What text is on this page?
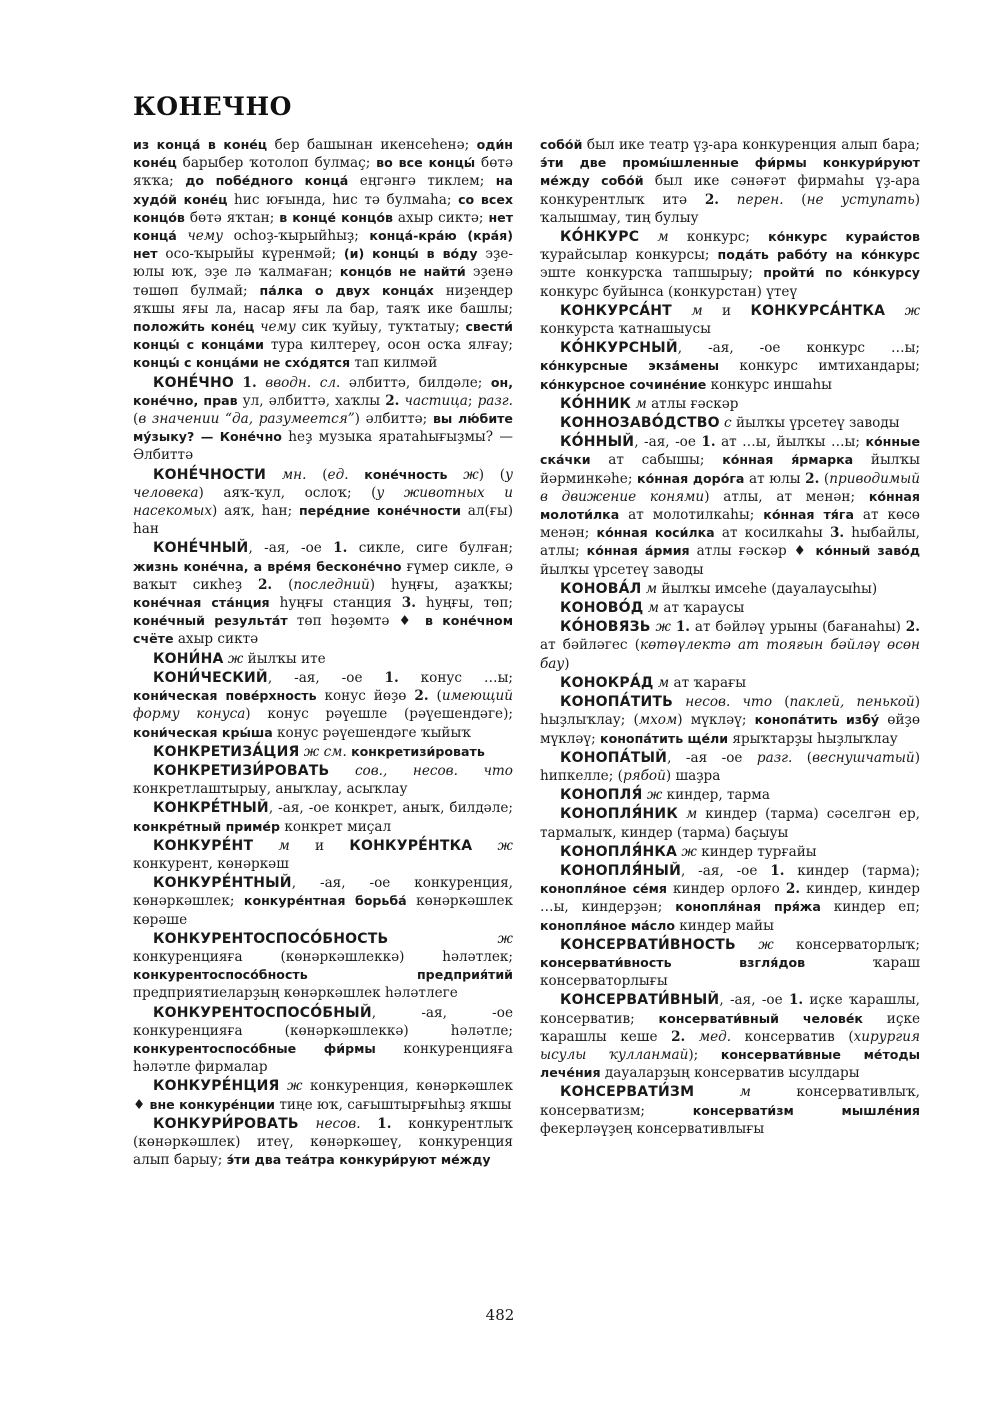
КОНЕЧНО

из конца́ в коне́ц бер башынан икенсеһенә; оди́н коне́ц барыбер ҡотолоп булмаҫ; во все концы́ бөтә яҡҡа; до побе́дного конца́ еңгәнгә тиклем; на худо́й коне́ц һис юғында, һис тә булмаһа; со всех концо́в бөтә яҡтан; в конце́ концо́в ахыр сиктә; нет конца́ чему осһоҙ-ҡырыйһыҙ; конца́-кра́ю (кра́я) нет осо-ҡырыйы күренмәй; (и) концы́ в во́ду эҙе-юлы юҡ, эҙе лә ҡалмаған; концо́в не найти́ эҙенә төшөп булмай; па́лка о двух конца́х ниҙеңдер яҡшы яғы ла, насар яғы ла бар, таяҡ ике башлы; положи́ть коне́ц чему сик ҡуйыу, туҡтатыу; свести́ концы́ с конца́ми тура килтереү, осон осҡа ялғау; концы́ с конца́ми не схо́дятся тап килмәй

КОНЕ́ЧНО 1. вводн. сл. әлбиттә, билдәле; он, коне́чно, прав ул, әлбиттә, хаҡлы 2. частица; разг. (в значении “да, разумеется”) әлбиттә; вы лю́бите му́зыку? — Коне́чно һеҙ музыка яратаһығыҙмы? — Әлбиттә

КОНЕ́ЧНОСТИ мн. (ед. коне́чность ж) (у человека) аяҡ-ҡул, ослоҡ; (у животных и насекомых) аяҡ, һан; пере́дние коне́чности ал(ғы) һан

КОНЕ́ЧНЫЙ, -ая, -ое 1. сикле, сиге булған; жизнь коне́чна, а вре́мя бесконе́чно ғүмер сикле, ә ваҡыт сикһеҙ 2. (последний) һуңғы, аҙаҡҡы; коне́чная ста́нция һуңғы станция 3. һуңғы, төп; коне́чный результа́т төп һөҙөмтә ♦ в коне́чном счёте ахыр сиктә

КОНИ́НА ж йылҡы ите

КОНИ́ЧЕСКИЙ, -ая, -ое 1. конус …ы; кони́ческая пове́рхность конус йөҙө 2. (имеющий форму конуса) конус рәүешле (рәүешендәге); кони́ческая кры́ша конус рәүешендәге ҡыйыҡ

КОНКРЕТИЗА́ЦИЯ ж см. конкретизи́ровать

КОНКРЕТИЗИ́РОВАТЬ сов., несов. что конкретлаштырыу, аныҡлау, асыҡлау

КОНКРЕ́ТНЫЙ, -ая, -ое конкрет, аныҡ, билдәле; конкре́тный приме́р конкрет миҫал

КОНКУРЕ́НТ м и КОНКУРЕ́НТКА ж конкурент, көнәркәш

КОНКУРЕ́НТНЫЙ, -ая, -ое конкуренция, көнәркәшлек; конкуре́нтная борьба́ көнәркәшлек көрәше

КОНКУРЕНТОСПОСО́БНОСТЬ	ж конкуренцияға (көнәркәшлеккә) һәләтлек; конкурентоспосо́бность предприя́тий предприятиеларҙың көнәркәшлек һәләтлеге

КОНКУРЕНТОСПОСО́БНЫЙ, -ая, -ое конкуренцияға (көнәркәшлеккә) һәләтле; конкурентоспосо́бные фи́рмы конкуренцияға һәләтле фирмалар

КОНКУРЕ́НЦИЯ ж конкуренция, көнәркәшлек ♦ вне конкуре́нции тиңе юҡ, сағыштырғыһыҙ яҡшы

КОНКУРИ́РОВАТЬ несов. 1. конкурентлыҡ (көнәркәшлек) итеү, көнәркәшеү, конкуренция алып барыу; э́ти два теа́тра конкури́руют ме́жду

собо́й был ике театр үҙ-ара конкуренция алып бара; э́ти две промы́шленные фи́рмы конкури́руют ме́жду собо́й был ике сәнәғәт фирмаһы үҙ-ара конкурентлыҡ итә 2. перен. (не уступать) ҡалышмау, тиң булыу

КО́НКУРС м конкурс; ко́нкурс кураи́стов ҡурайсылар конкурсы; пода́ть рабо́ту на ко́нкурс эште конкурсҡа тапшырыу; пройти́ по ко́нкурсу конкурс буйынса (конкурстан) үтеү

КОНКУРСА́НТ м и КОНКУРСА́НТКА ж конкурста ҡатнашыусы

КО́НКУРСНЫЙ, -ая, -ое конкурс …ы; ко́нкурсные экза́мены конкурс имтихандары; ко́нкурсное сочине́ние конкурс иншаһы

КО́ННИК м атлы ғәскәр

КОННОЗАВО́ДСТВО с йылҡы үрсетеү заводы

КО́ННЫЙ, -ая, -ое 1. ат …ы, йылҡы …ы; ко́нные ска́чки ат сабышы; ко́нная я́рмарка йылҡы йәрминкәһе; ко́нная доро́га ат юлы 2. (приводимый в движение конями) атлы, ат менән; ко́нная молоти́лка ат молотилкаһы; ко́нная тя́га ат көсө менән; ко́нная коси́лка ат косилкаһы 3. һыбайлы, атлы; ко́нная а́рмия атлы ғәскәр ♦ ко́нный заво́д йылҡы үрсетеү заводы

КОНОВА́Л м йылҡы имсеһе (дауалаусыһы)

КОНОВО́Д м ат ҡараусы

КО́НОВЯЗЬ ж 1. ат бәйләү урыны (бағанаһы) 2. ат бәйләгес (көтөүлектә ат тояғын бәйләү өсөн бау)

КОНОКРА́Д м ат ҡарағы

КОНОПА́ТИТЬ несов. что (паклей, пенькой) һыҙлыҡлау; (мхом) мүкләү; конопа́тить избу́ өйҙө мүкләү; конопа́тить ще́ли ярыҡтарҙы һыҙлыҡлау

КОНОПА́ТЫЙ, -ая -ое разг. (веснушчатый) һипкелле; (рябой) шаҙра

КОНОПЛЯ́ ж киндер, тарма

КОНОПЛЯ́НИК м киндер (тарма) сәселгән ер, тармалыҡ, киндер (тарма) баҫыуы

КОНОПЛЯ́НКА ж киндер турғайы

КОНОПЛЯ́НЫЙ, -ая, -ое 1. киндер (тарма); конопля́ное се́мя киндер орлоғо 2. киндер, киндер …ы, киндерҙән; конопля́ная пря́жа киндер еп; конопля́ное ма́сло киндер майы

КОНСЕРВАТИ́ВНОСТЬ ж консерваторлыҡ; консервати́вность взгля́дов ҡараш консерваторлығы

КОНСЕРВАТИ́ВНЫЙ, -ая, -ое 1. иҫке ҡарашлы, консерватив; консервати́вный челове́к иҫке ҡарашлы кеше 2. мед. консерватив (хирургия ысулы ҡулланмай); консервати́вные ме́тоды лече́ния дауаларҙың консерватив ысулдары

КОНСЕРВАТИ́ЗМ	м консервативлыҡ, консерватизм; консервати́зм мышле́ния фекерләүҙең консервативлығы

482
